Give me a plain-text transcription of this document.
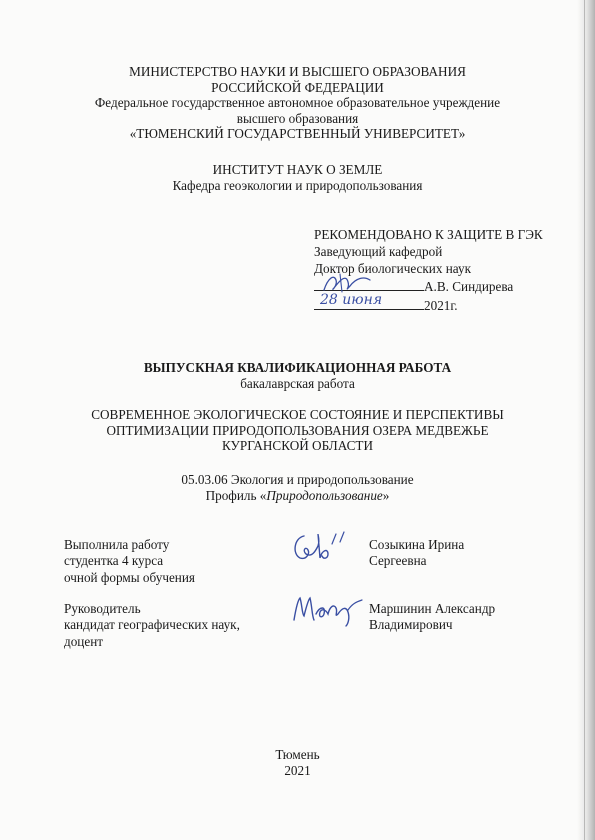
МИНИСТЕРСТВО НАУКИ И ВЫСШЕГО ОБРАЗОВАНИЯ
РОССИЙСКОЙ ФЕДЕРАЦИИ
Федеральное государственное автономное образовательное учреждение
высшего образования
«ТЮМЕНСКИЙ ГОСУДАРСТВЕННЫЙ УНИВЕРСИТЕТ»
ИНСТИТУТ НАУК О ЗЕМЛЕ
Кафедра геоэкологии и природопользования
РЕКОМЕНДОВАНО К ЗАЩИТЕ В ГЭК
Заведующий кафедрой
Доктор биологических наук
А.В. Синдирева
28 июня	2021г.
ВЫПУСКНАЯ КВАЛИФИКАЦИОННАЯ РАБОТА
бакалаврская работа
СОВРЕМЕННОЕ ЭКОЛОГИЧЕСКОЕ СОСТОЯНИЕ И ПЕРСПЕКТИВЫ
ОПТИМИЗАЦИИ ПРИРОДОПОЛЬЗОВАНИЯ ОЗЕРА МЕДВЕЖЬЕ
КУРГАНСКОЙ ОБЛАСТИ
05.03.06 Экология и природопользование
Профиль «Природопользование»
Выполнила работу
студентка 4 курса
очной формы обучения
Созыкина Ирина
Сергеевна
Руководитель
кандидат географических наук,
доцент
Маршинин Александр
Владимирович
Тюмень
2021
